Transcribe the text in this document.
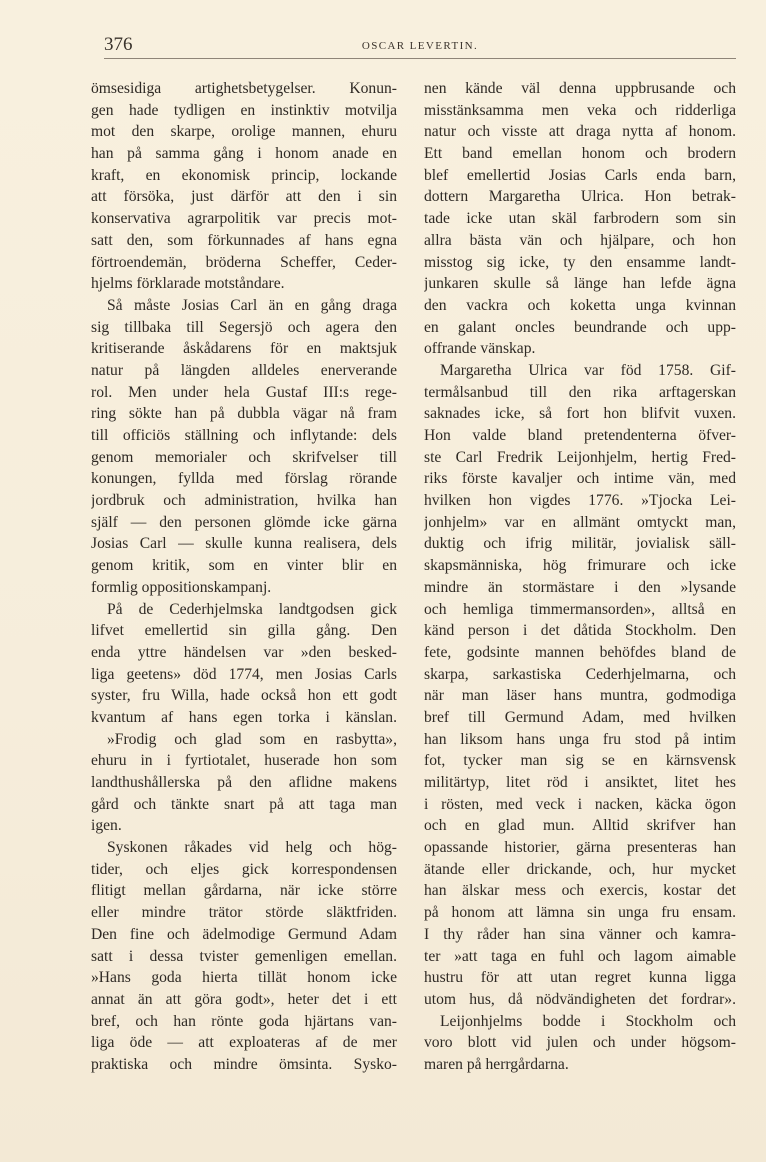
376	OSCAR LEVERTIN.
ömsesidiga artighetsbetygelser. Konun-
gen hade tydligen en instinktiv motvilja
mot den skarpe, orolige mannen, ehuru
han på samma gång i honom anade en
kraft, en ekonomisk princip, lockande
att försöka, just därför att den i sin
konservativa agrarpolitik var precis mot-
satt den, som förkunnades af hans egna
förtroendemän, bröderna Scheffer, Ceder-
hjelms förklarade motståndare.
Så måste Josias Carl än en gång draga
sig tillbaka till Segersjö och agera den
kritiserande åskådarens för en maktsjuk
natur på längden alldeles enerverande
rol. Men under hela Gustaf III:s rege-
ring sökte han på dubbla vägar nå fram
till officiös ställning och inflytande: dels
genom memorialer och skrifvelser till
konungen, fyllda med förslag rörande
jordbruk och administration, hvilka han
själf — den personen glömde icke gärna
Josias Carl — skulle kunna realisera, dels
genom kritik, som en vinter blir en
formlig oppositionskampanj.
På de Cederhjelmska landtgodsen gick
lifvet emellertid sin gilla gång. Den
enda yttre händelsen var »den besked-
liga geetens» död 1774, men Josias Carls
syster, fru Willa, hade också hon ett godt
kvantum af hans egen torka i känslan.
»Frodig och glad som en rasbytta»,
ehuru in i fyrtiotalet, huserade hon som
landthushållerska på den aflidne makens
gård och tänkte snart på att taga man
igen.
Syskonen råkades vid helg och hög-
tider, och eljes gick korrespondensen
flitigt mellan gårdarna, när icke större
eller mindre trätor störde släktfriden.
Den fine och ädelmodige Germund Adam
satt i dessa tvister gemenligen emellan.
»Hans goda hierta tillät honom icke
annat än att göra godt», heter det i ett
bref, och han rönte goda hjärtans van-
liga öde — att exploateras af de mer
praktiska och mindre ömsinta. Sysko-
nen kände väl denna uppbrusande och
misstänksamma men veka och ridderliga
natur och visste att draga nytta af honom.
Ett band emellan honom och brodern
blef emellertid Josias Carls enda barn,
dottern Margaretha Ulrica. Hon betrak-
tade icke utan skäl farbrodern som sin
allra bästa vän och hjälpare, och hon
misstog sig icke, ty den ensamme landt-
junkaren skulle så länge han lefde ägna
den vackra och koketta unga kvinnan
en galant oncles beundrande och upp-
offrande vänskap.
Margaretha Ulrica var föd 1758. Gif-
termålsanbud till den rika arftagerskan
saknades icke, så fort hon blifvit vuxen.
Hon valde bland pretendenterna öfver-
ste Carl Fredrik Leijonhjelm, hertig Fred-
riks förste kavaljer och intime vän, med
hvilken hon vigdes 1776. »Tjocka Lei-
jonhjelm» var en allmänt omtyckt man,
duktig och ifrig militär, jovialisk säll-
skapsmänniska, hög frimurare och icke
mindre än stormästare i den »lysande
och hemliga timmermansorden», alltså en
känd person i det dåtida Stockholm. Den
fete, godsinte mannen behöfdes bland de
skarpa, sarkastiska Cederhjelmarna, och
när man läser hans muntra, godmodiga
bref till Germund Adam, med hvilken
han liksom hans unga fru stod på intim
fot, tycker man sig se en kärnsvensk
militärtyp, litet röd i ansiktet, litet hes
i rösten, med veck i nacken, käcka ögon
och en glad mun. Alltid skrifver han
opassande historier, gärna presenteras han
ätande eller drickande, och, hur mycket
han älskar mess och exercis, kostar det
på honom att lämna sin unga fru ensam.
I thy råder han sina vänner och kamra-
ter »att taga en fuhl och lagom aimable
hustru för att utan regret kunna ligga
utom hus, då nödvändigheten det fordrar».
Leijonhjelms bodde i Stockholm och
voro blott vid julen och under högsom-
maren på herrgårdarna.
